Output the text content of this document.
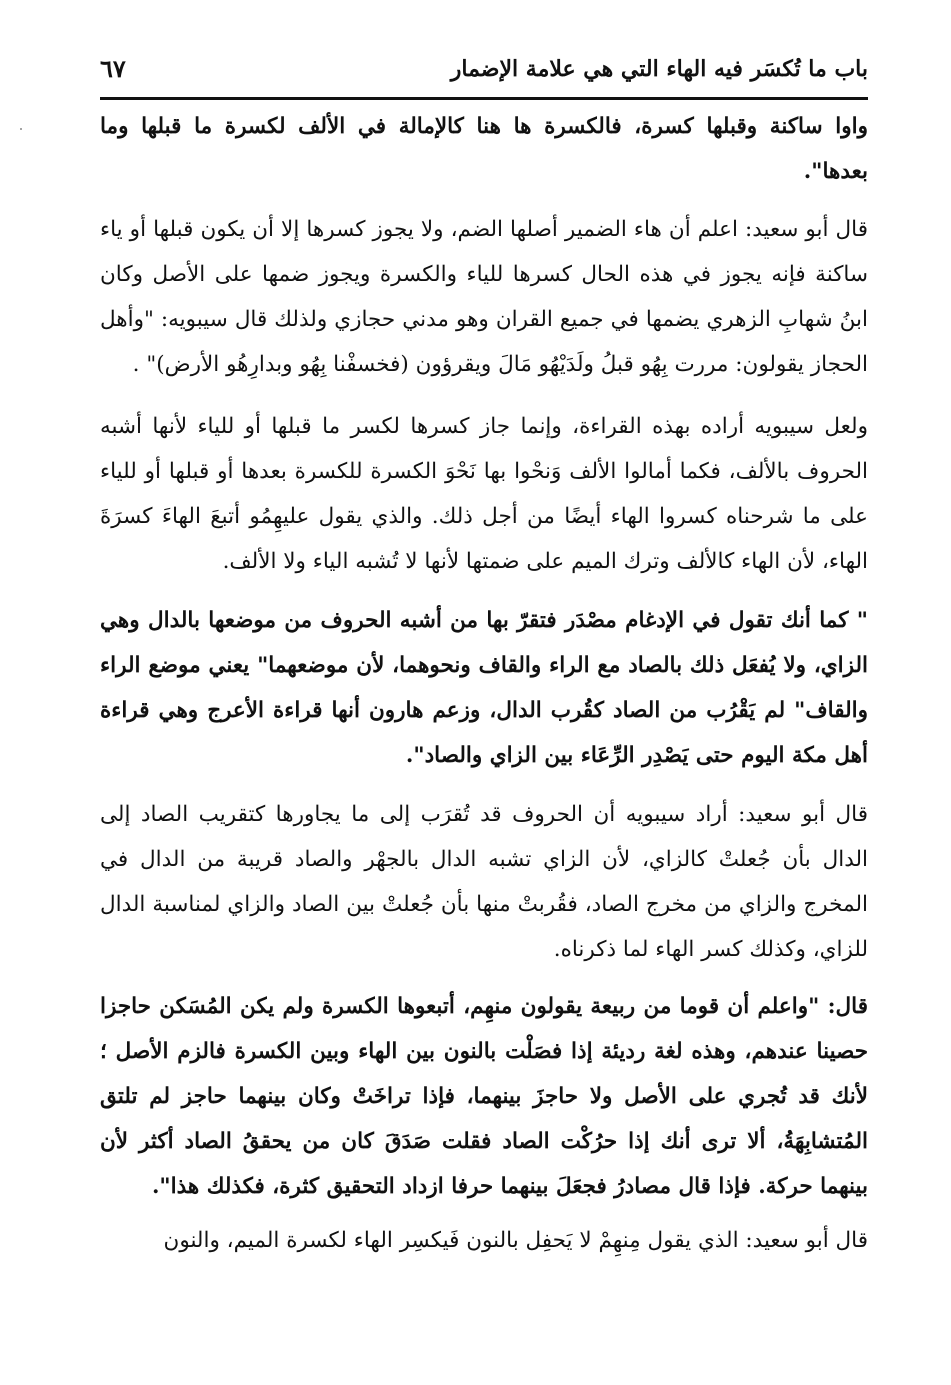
باب ما تُكسَر فيه الهاء التي هي علامة الإضمار
٦٧

واوا ساكنة وقبلها كسرة، فالكسرة ها هنا كالإمالة في الألف لكسرة ما قبلها وما بعدها".

قال أبو سعيد: اعلم أن هاء الضمير أصلها الضم، ولا يجوز كسرها إلا أن يكون قبلها أو ياء ساكنة فإنه يجوز في هذه الحال كسرها للياء والكسرة ويجوز ضمها على الأصل وكان ابنُ شهابِ الزهري يضمها في جميع القران وهو مدني حجازي ولذلك قال سيبويه: "وأهل الحجاز يقولون: مررت بِهُو قبلُ ولَدَيْهُو مَالَ ويقرؤون (فخسفْنا بِهُو وبدارِهُو الأرض)" .

ولعل سيبويه أراده بهذه القراءة، وإنما جاز كسرها لكسر ما قبلها أو للياء لأنها أشبه الحروف بالألف، فكما أمالوا الألف وَنحْوا بها نَحْوَ الكسرة للكسرة بعدها أو قبلها أو للياء على ما شرحناه كسروا الهاء أيضًا من أجل ذلك. والذي يقول عليهِمُو أتبعَ الهاءَ كسرَةَ الهاء، لأن الهاء كالألف وترك الميم على ضمتها لأنها لا تُشبه الياء ولا الألف.

" كما أنك تقول في الإدغام مصْدَر فتقرّ بها من أشبه الحروف من موضعها بالدال وهي الزاي، ولا يُفعَل ذلك بالصاد مع الراء والقاف ونحوهما، لأن موضعهما" يعني موضع الراء والقاف" لم يَقْرُب من الصاد كقُرب الدال، وزعم هارون أنها قراءة الأعرج وهي قراءة أهل مكة اليوم حتى يَصْدِر الرِّعَاء بين الزاي والصاد".

قال أبو سعيد: أراد سيبويه أن الحروف قد تُقرَب إلى ما يجاورها كتقريب الصاد إلى الدال بأن جُعلتْ كالزاي، لأن الزاي تشبه الدال بالجهْر والصاد قريبة من الدال في المخرج والزاي من مخرج الصاد، فقُربتْ منها بأن جُعلتْ بين الصاد والزاي لمناسبة الدال للزاي، وكذلك كسر الهاء لما ذكرناه.

قال: "واعلم أن قوما من ربيعة يقولون منهِم، أتبعوها الكسرة ولم يكن المُسَكن حاجزا حصينا عندهم، وهذه لغة رديئة إذا فصَلْت بالنون بين الهاء وبين الكسرة فالزم الأصل ؛ لأنك قد تُجري على الأصل ولا حاجزَ بينهما، فإذا تراخَتْ وكان بينهما حاجز لم تلتق المُتشابِهَةُ، ألا ترى أنك إذا حرُكْت الصاد فقلت صَدَقَ كان من يحققُ الصاد أكثر لأن بينهما حركة. فإذا قال مصادرُ فجعَلَ بينهما حرفا ازداد التحقيق كثرة، فكذلك هذا".

قال أبو سعيد: الذي يقول مِنهِمْ لا يَحفِل بالنون فَيكسِر الهاء لكسرة الميم، والنون
